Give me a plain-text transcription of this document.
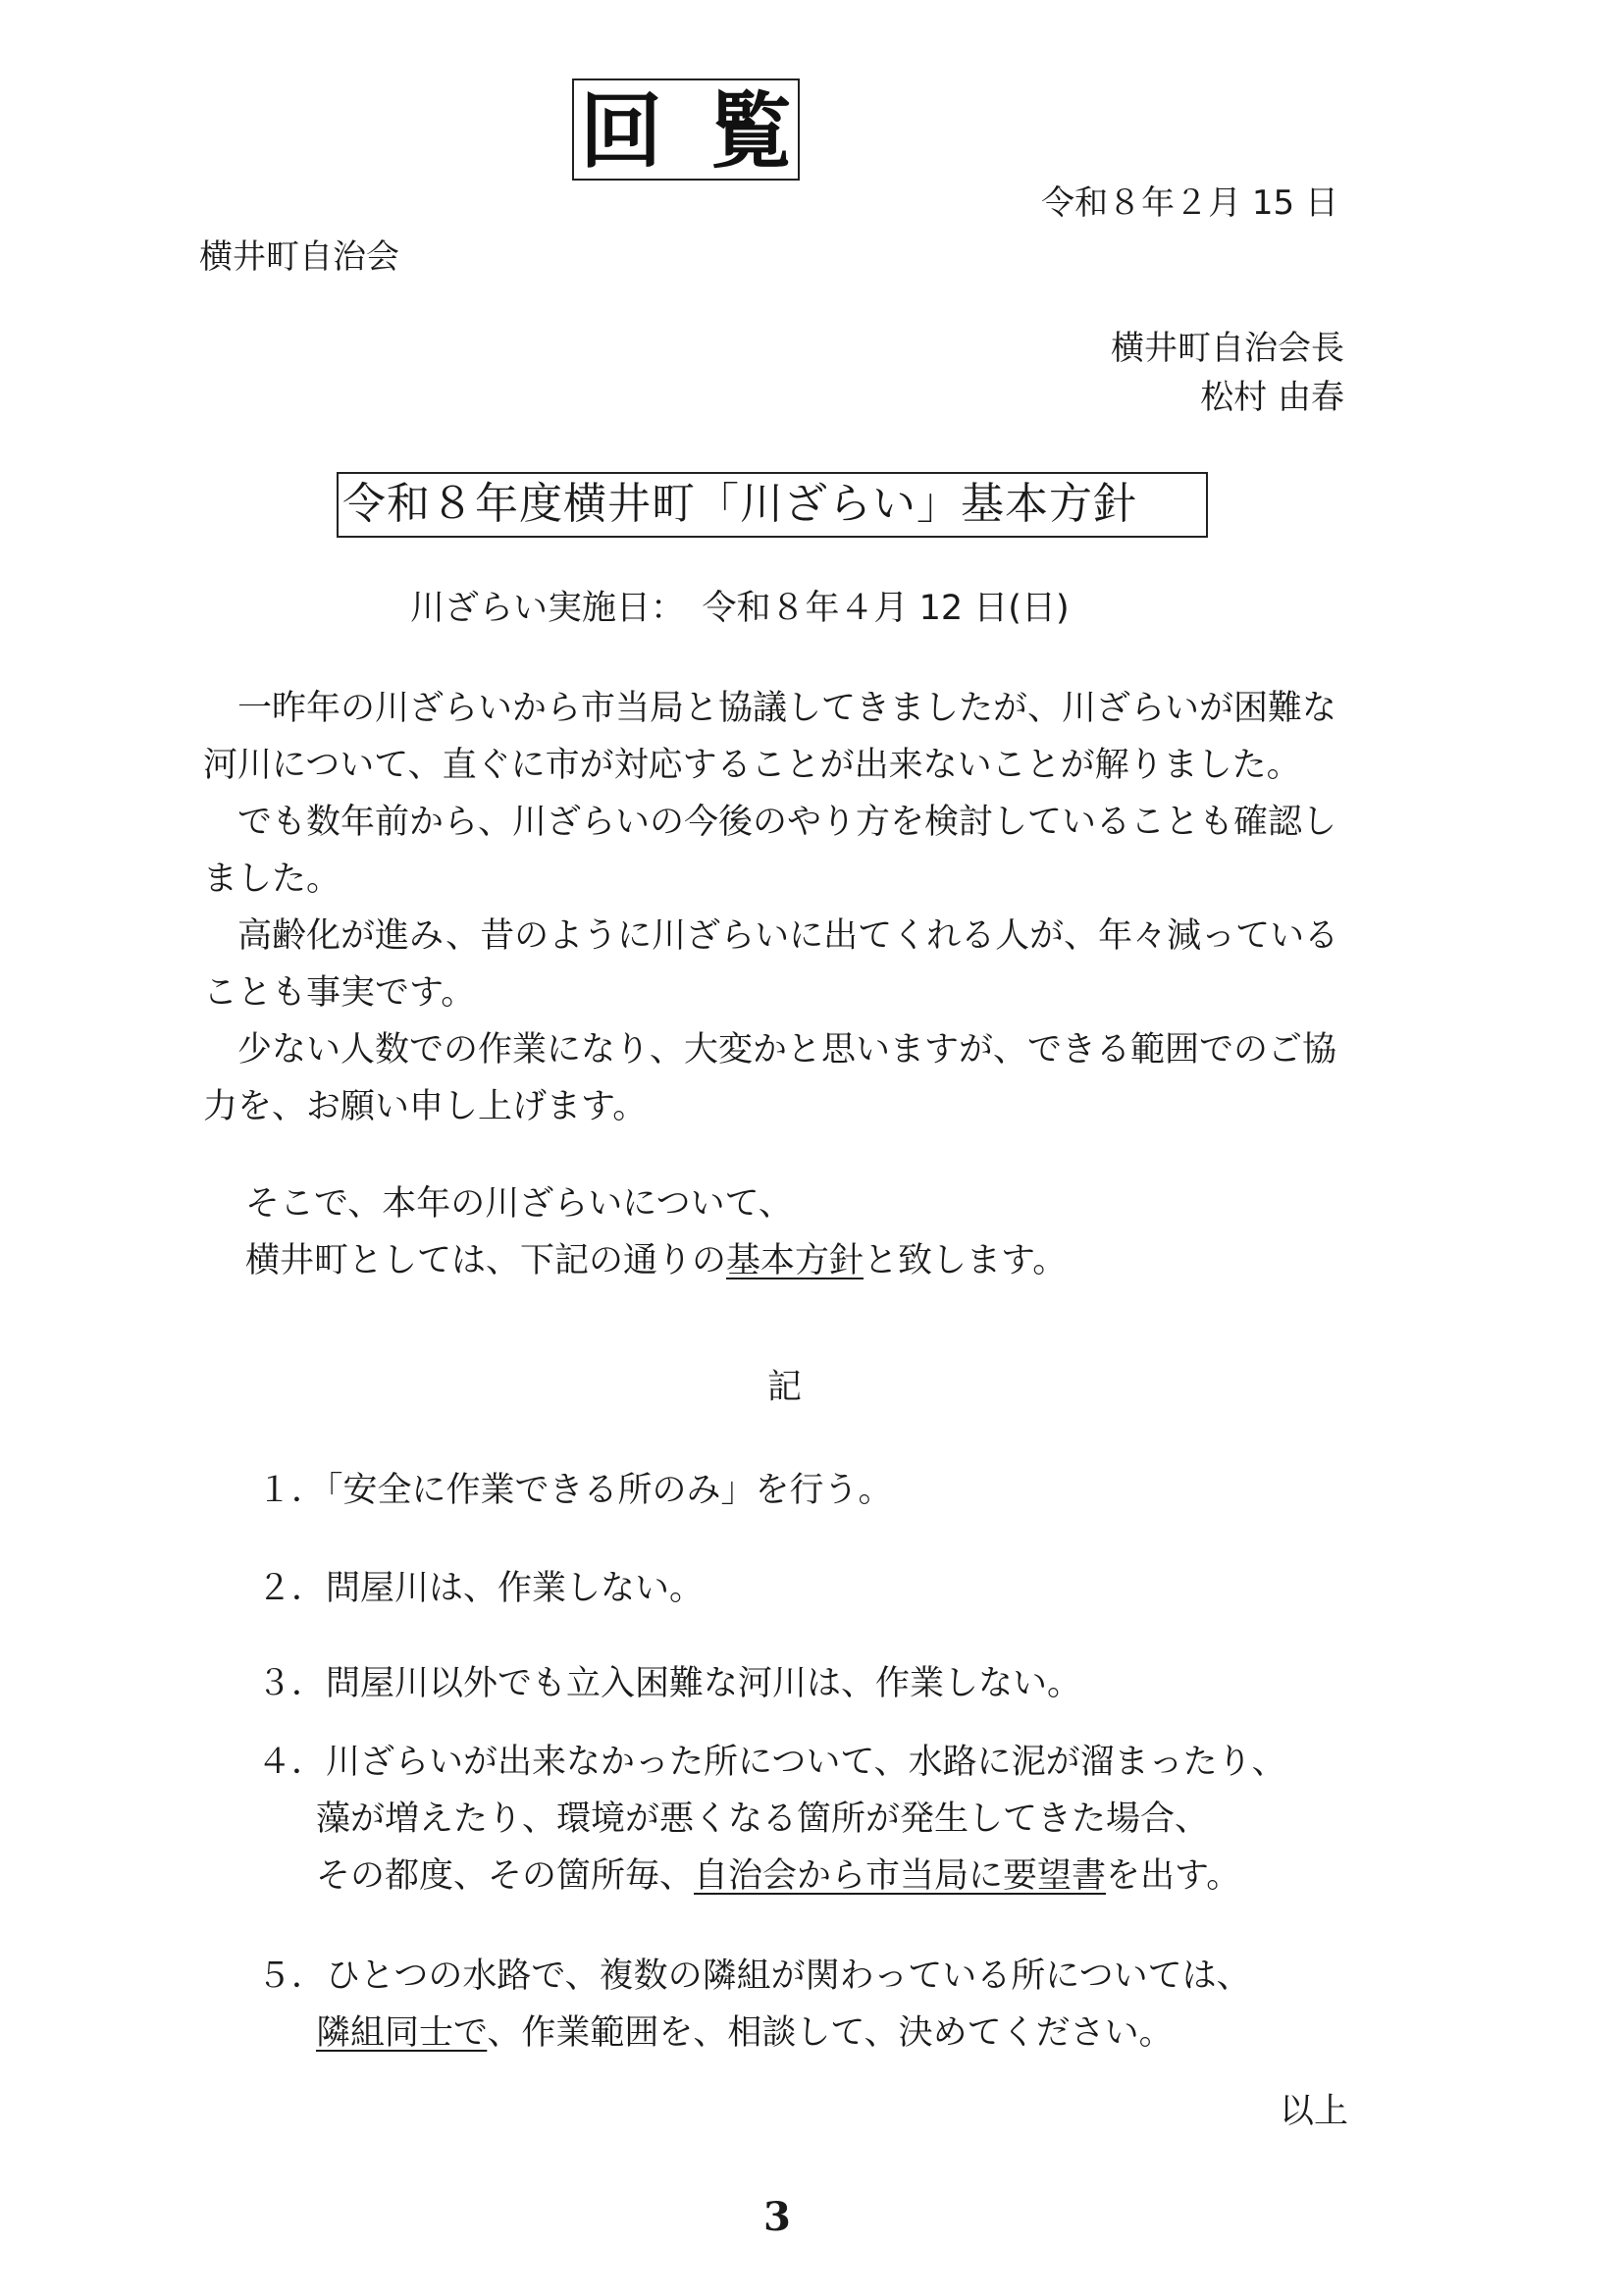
回 覧
令和８年２月 15 日
横井町自治会
横井町自治会長
松村 由春
令和８年度横井町「川ざらい」基本方針
川ざらい実施日：　令和８年４月 12 日(日)

一昨年の川ざらいから市当局と協議してきましたが、川ざらいが困難な河川について、直ぐに市が対応することが出来ないことが解りました。

でも数年前から、川ざらいの今後のやり方を検討していることも確認しました。

高齢化が進み、昔のように川ざらいに出てくれる人が、年々減っていることも事実です。

少ない人数での作業になり、大変かと思いますが、できる範囲でのご協力を、お願い申し上げます。

そこで、本年の川ざらいについて、

横井町としては、下記の通りの基本方針と致します。

記

１．「安全に作業できる所のみ」を行う。

２．問屋川は、作業しない。

３．問屋川以外でも立入困難な河川は、作業しない。

４．川ざらいが出来なかった所について、水路に泥が溜まったり、

藻が増えたり、環境が悪くなる箇所が発生してきた場合、

その都度、その箇所毎、自治会から市当局に要望書を出す。

５．ひとつの水路で、複数の隣組が関わっている所については、

隣組同士で、作業範囲を、相談して、決めてください。

以上
3
